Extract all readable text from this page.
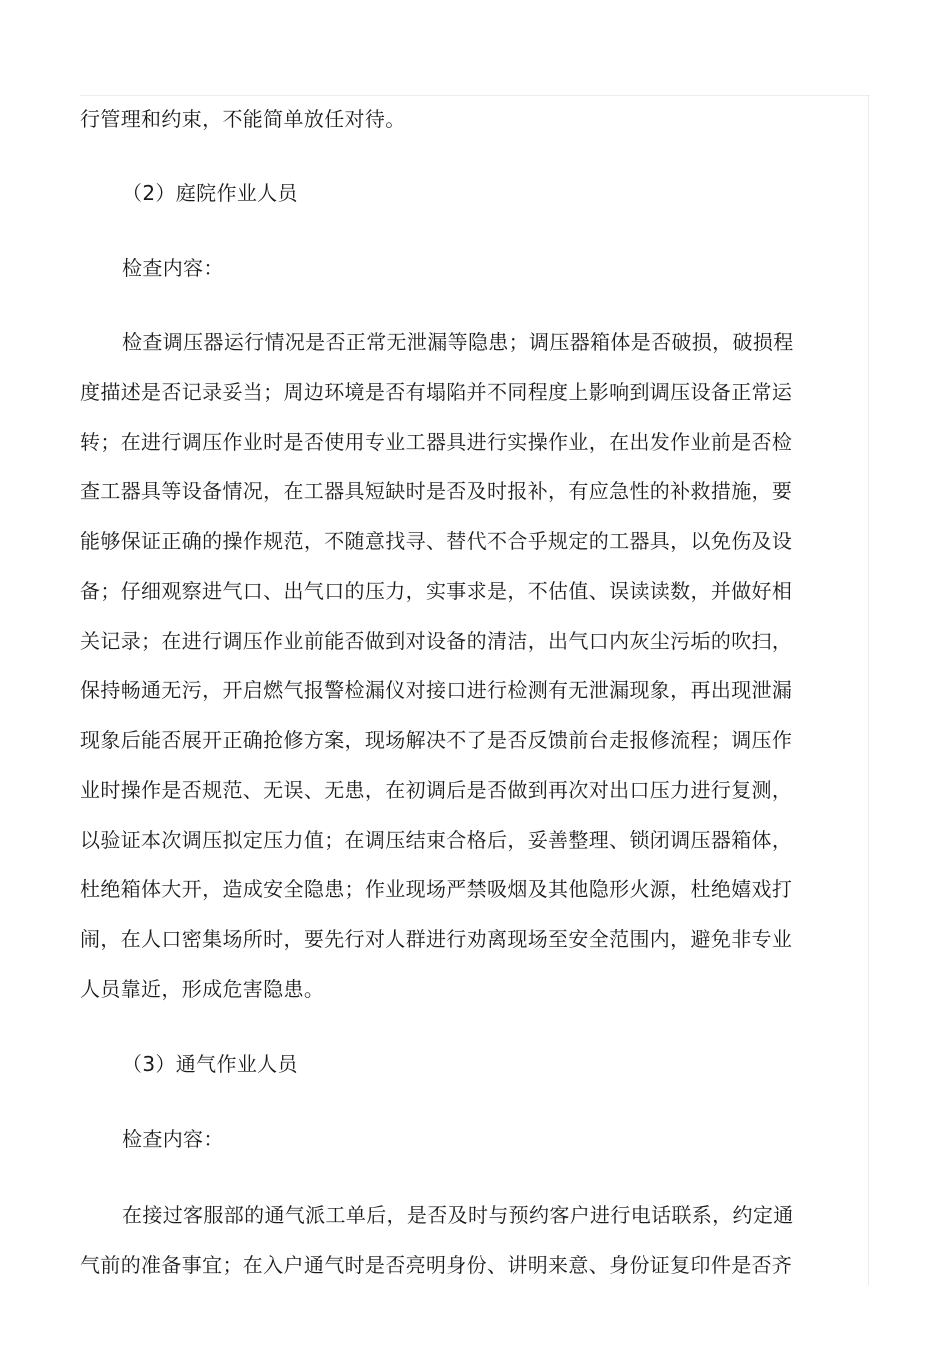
行管理和约束，不能简单放任对待。

（2）庭院作业人员

检查内容：

检查调压器运行情况是否正常无泄漏等隐患；调压器箱体是否破损，破损程

度描述是否记录妥当；周边环境是否有塌陷并不同程度上影响到调压设备正常运

转；在进行调压作业时是否使用专业工器具进行实操作业，在出发作业前是否检

查工器具等设备情况，在工器具短缺时是否及时报补，有应急性的补救措施，要

能够保证正确的操作规范，不随意找寻、替代不合乎规定的工器具，以免伤及设

备；仔细观察进气口、出气口的压力，实事求是，不估值、误读读数，并做好相

关记录；在进行调压作业前能否做到对设备的清洁，出气口内灰尘污垢的吹扫，

保持畅通无污，开启燃气报警检漏仪对接口进行检测有无泄漏现象，再出现泄漏

现象后能否展开正确抢修方案，现场解决不了是否反馈前台走报修流程；调压作

业时操作是否规范、无误、无患，在初调后是否做到再次对出口压力进行复测，

以验证本次调压拟定压力值；在调压结束合格后，妥善整理、锁闭调压器箱体，

杜绝箱体大开，造成安全隐患；作业现场严禁吸烟及其他隐形火源，杜绝嬉戏打

闹，在人口密集场所时，要先行对人群进行劝离现场至安全范围内，避免非专业

人员靠近，形成危害隐患。

（3）通气作业人员

检查内容：

在接过客服部的通气派工单后，是否及时与预约客户进行电话联系，约定通

气前的准备事宜；在入户通气时是否亮明身份、讲明来意、身份证复印件是否齐
